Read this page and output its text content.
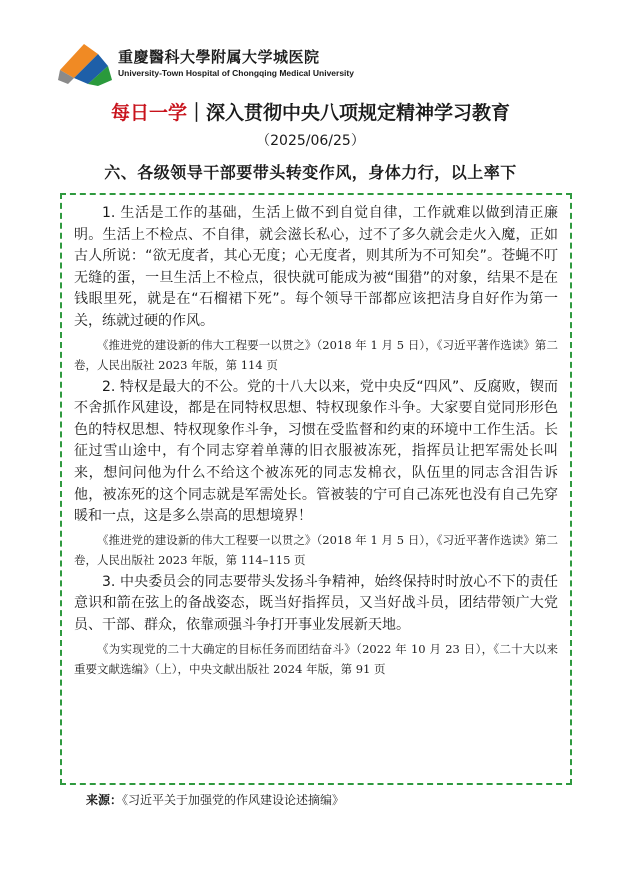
重慶醫科大學附属大学城医院
University-Town Hospital of Chongqing Medical University
每日一学｜深入贯彻中央八项规定精神学习教育
（2025/06/25）
六、各级领导干部要带头转变作风，身体力行，以上率下

1. 生活是工作的基础，生活上做不到自觉自律，工作就难以做到清正廉明。生活上不检点、不自律，就会滋长私心，过不了多久就会走火入魔，正如古人所说：“欲无度者，其心无度；心无度者，则其所为不可知矣”。苍蝇不叮无缝的蛋，一旦生活上不检点，很快就可能成为被“围猎”的对象，结果不是在钱眼里死，就是在“石榴裙下死”。每个领导干部都应该把洁身自好作为第一关，练就过硬的作风。

《推进党的建设新的伟大工程要一以贯之》（2018 年 1 月 5 日），《习近平著作选读》第二卷，人民出版社 2023 年版，第 114 页

2. 特权是最大的不公。党的十八大以来，党中央反“四风”、反腐败，锲而不舍抓作风建设，都是在同特权思想、特权现象作斗争。大家要自觉同形形色色的特权思想、特权现象作斗争，习惯在受监督和约束的环境中工作生活。长征过雪山途中，有个同志穿着单薄的旧衣服被冻死，指挥员让把军需处长叫来，想问问他为什么不给这个被冻死的同志发棉衣，队伍里的同志含泪告诉他，被冻死的这个同志就是军需处长。管被装的宁可自己冻死也没有自己先穿暖和一点，这是多么崇高的思想境界！

《推进党的建设新的伟大工程要一以贯之》（2018 年 1 月 5 日），《习近平著作选读》第二卷，人民出版社 2023 年版，第 114–115 页

3. 中央委员会的同志要带头发扬斗争精神，始终保持时时放心不下的责任意识和箭在弦上的备战姿态，既当好指挥员，又当好战斗员，团结带领广大党员、干部、群众，依靠顽强斗争打开事业发展新天地。

《为实现党的二十大确定的目标任务而团结奋斗》（2022 年 10 月 23 日），《二十大以来重要文献选编》（上），中央文献出版社 2024 年版，第 91 页

来源：《习近平关于加强党的作风建设论述摘编》
